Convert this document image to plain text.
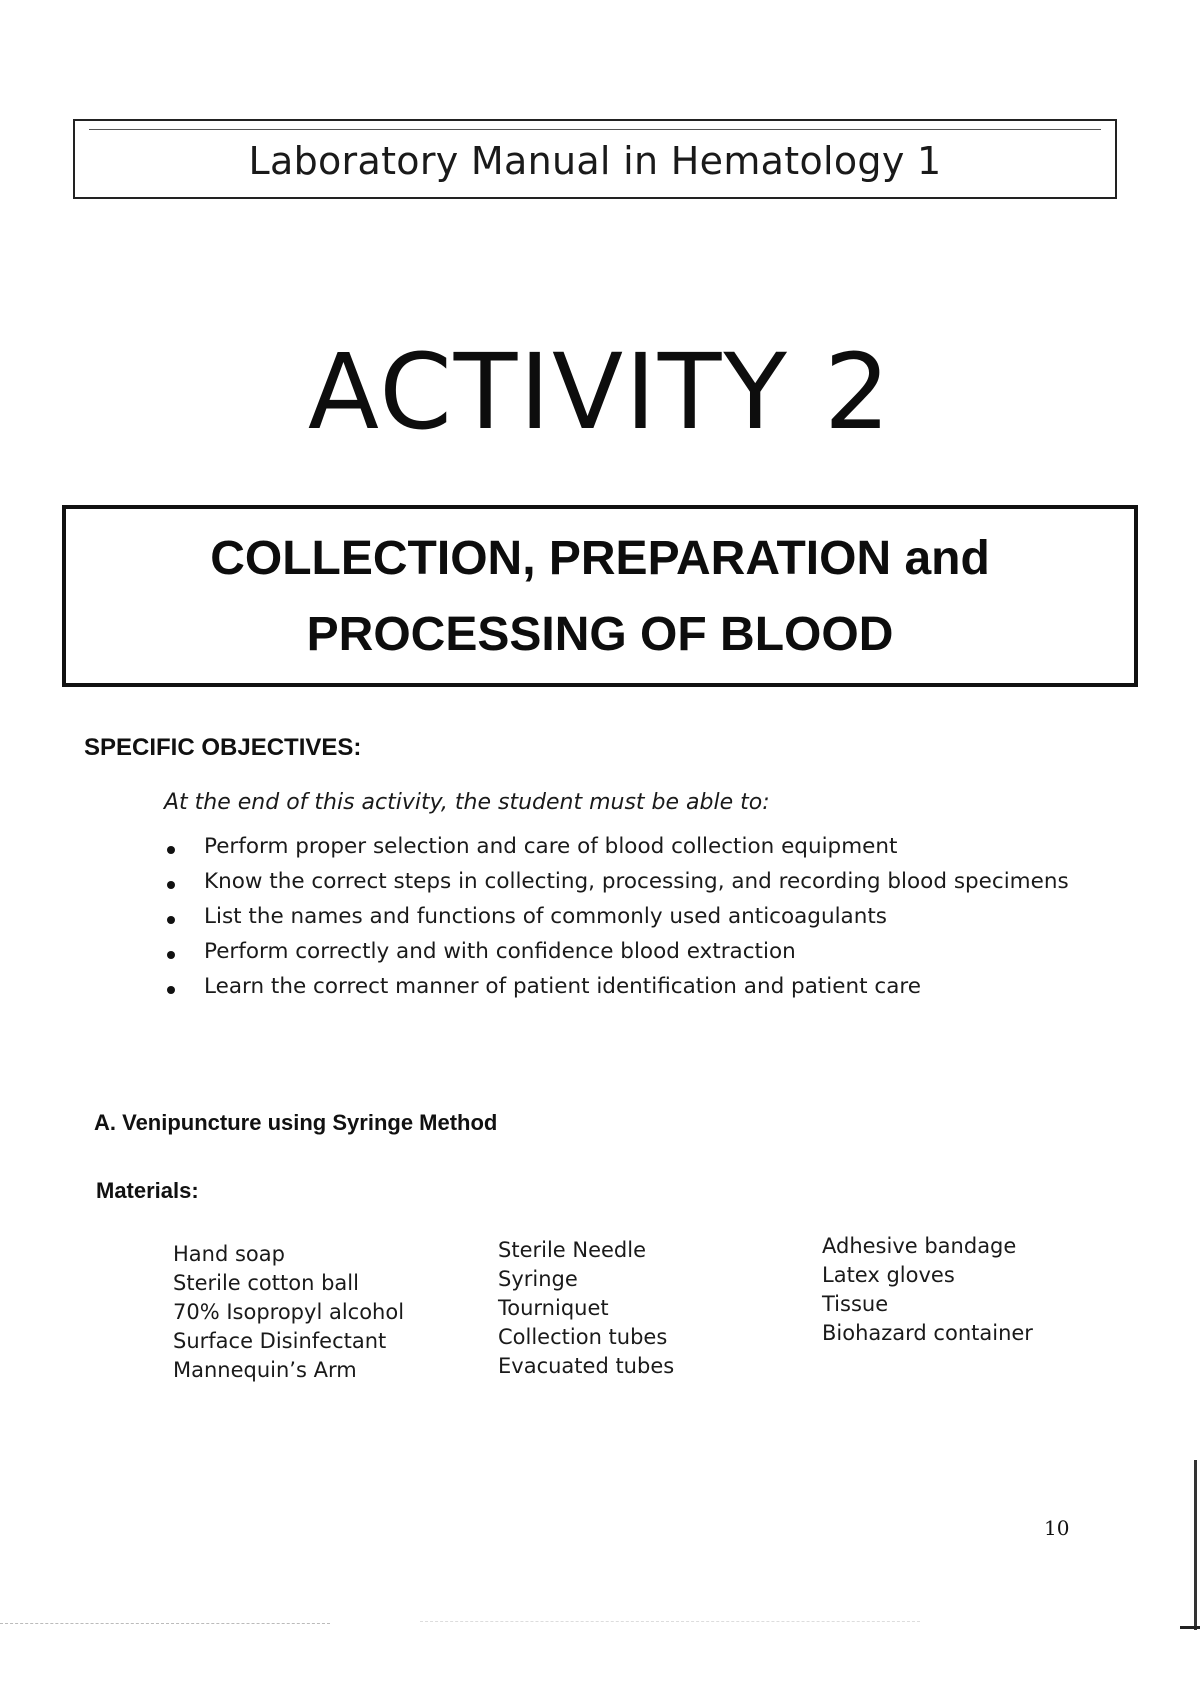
Laboratory Manual in Hematology 1
ACTIVITY 2
COLLECTION, PREPARATION and
PROCESSING OF BLOOD
SPECIFIC OBJECTIVES:
At the end of this activity, the student must be able to:
Perform proper selection and care of blood collection equipment
Know the correct steps in collecting, processing, and recording blood specimens
List the names and functions of commonly used anticoagulants
Perform correctly and with confidence blood extraction
Learn the correct manner of patient identification and patient care
A. Venipuncture using Syringe Method
Materials:
Hand soap
Sterile cotton ball
70% Isopropyl alcohol
Surface Disinfectant
Mannequin’s Arm
Sterile Needle
Syringe
Tourniquet
Collection tubes
Evacuated tubes
Adhesive bandage
Latex gloves
Tissue
Biohazard container
10
